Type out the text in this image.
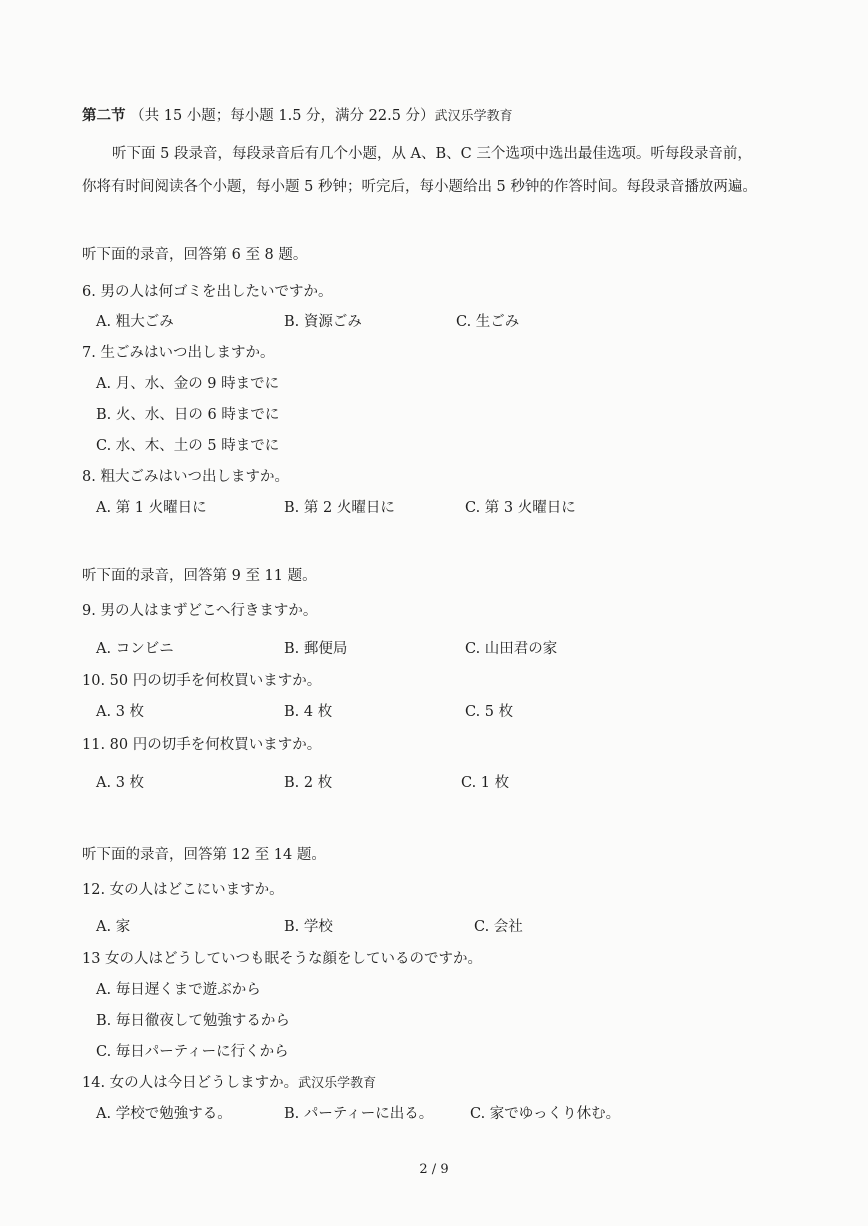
第二节 （共 15 小题；每小题 1.5 分，满分 22.5 分）武汉乐学教育
听下面 5 段录音，每段录音后有几个小题，从 A、B、C 三个选项中选出最佳选项。听每段录音前，
你将有时间阅读各个小题，每小题 5 秒钟；听完后，每小题给出 5 秒钟的作答时间。每段录音播放两遍。
听下面的录音，回答第 6 至 8 题。
6. 男の人は何ゴミを出したいですか。
A. 粗大ごみ	B. 資源ごみ	C. 生ごみ
7. 生ごみはいつ出しますか。
A. 月、水、金の 9 時までに
B. 火、水、日の 6 時までに
C. 水、木、土の 5 時までに
8. 粗大ごみはいつ出しますか。
A. 第 1 火曜日に	B. 第 2 火曜日に	C. 第 3 火曜日に
听下面的录音，回答第 9 至 11 题。
9. 男の人はまずどこへ行きますか。
A. コンビニ	B. 郵便局	C. 山田君の家
10. 50 円の切手を何枚買いますか。
A. 3 枚	B. 4 枚	C. 5 枚
11. 80 円の切手を何枚買いますか。
A. 3 枚	B. 2 枚	C. 1 枚
听下面的录音，回答第 12 至 14 题。
12. 女の人はどこにいますか。
A. 家	B. 学校	C. 会社
13 女の人はどうしていつも眠そうな顔をしているのですか。
A. 毎日遅くまで遊ぶから
B. 毎日徹夜して勉強するから
C. 毎日パーティーに行くから
14. 女の人は今日どうしますか。武汉乐学教育
A. 学校で勉強する。	B. パーティーに出る。	C. 家でゆっくり休む。
2 / 9
